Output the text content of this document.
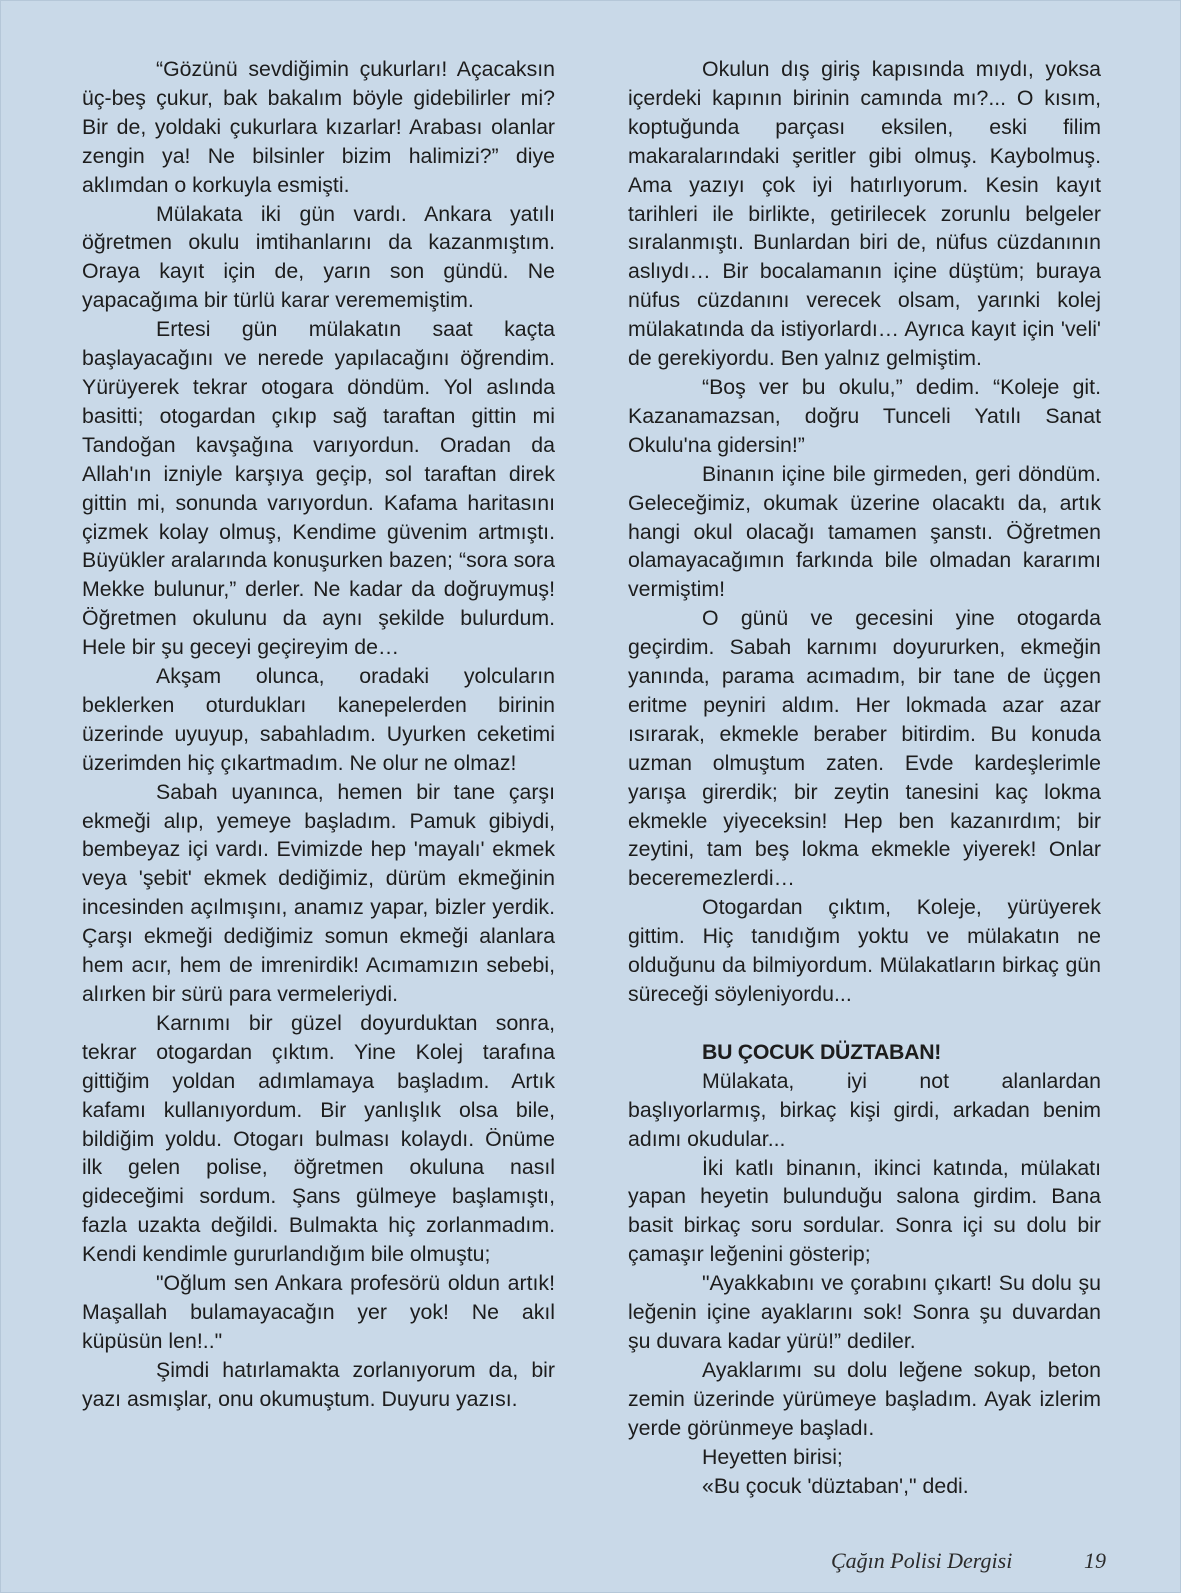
“Gözünü sevdiğimin çukurları! Açacaksın üç-beş çukur, bak bakalım böyle gidebilirler mi? Bir de, yoldaki çukurlara kızarlar! Arabası olanlar zengin ya! Ne bilsinler bizim halimizi?” diye aklımdan o korkuyla esmişti.

Mülakata iki gün vardı. Ankara yatılı öğretmen okulu imtihanlarını da kazanmıştım. Oraya kayıt için de, yarın son gündü. Ne yapacağıma bir türlü karar verememiştim.

Ertesi gün mülakatın saat kaçta başlayacağını ve nerede yapılacağını öğrendim. Yürüyerek tekrar otogara döndüm. Yol aslında basitti; otogardan çıkıp sağ taraftan gittin mi Tandoğan kavşağına varıyordun. Oradan da Allah'ın izniyle karşıya geçip, sol taraftan direk gittin mi, sonunda varıyordun. Kafama haritasını çizmek kolay olmuş, Kendime güvenim artmıştı. Büyükler aralarında konuşurken bazen; “sora sora Mekke bulunur,” derler. Ne kadar da doğruymuş! Öğretmen okulunu da aynı şekilde bulurdum. Hele bir şu geceyi geçireyim de…

Akşam olunca, oradaki yolcuların beklerken oturdukları kanepelerden birinin üzerinde uyuyup, sabahladım. Uyurken ceketimi üzerimden hiç çıkartmadım. Ne olur ne olmaz!

Sabah uyanınca, hemen bir tane çarşı ekmeği alıp, yemeye başladım. Pamuk gibiydi, bembeyaz içi vardı. Evimizde hep 'mayalı' ekmek veya 'şebit' ekmek dediğimiz, dürüm ekmeğinin incesinden açılmışını, anamız yapar, bizler yerdik. Çarşı ekmeği dediğimiz somun ekmeği alanlara hem acır, hem de imrenirdik! Acımamızın sebebi, alırken bir sürü para vermeleriydi.

Karnımı bir güzel doyurduktan sonra, tekrar otogardan çıktım. Yine Kolej tarafına gittiğim yoldan adımlamaya başladım. Artık kafamı kullanıyordum. Bir yanlışlık olsa bile, bildiğim yoldu. Otogarı bulması kolaydı. Önüme ilk gelen polise, öğretmen okuluna nasıl gideceğimi sordum. Şans gülmeye başlamıştı, fazla uzakta değildi. Bulmakta hiç zorlanmadım. Kendi kendimle gururlandığım bile olmuştu;

"Oğlum sen Ankara profesörü oldun artık! Maşallah bulamayacağın yer yok! Ne akıl küpüsün len!.."

Şimdi hatırlamakta zorlanıyorum da, bir yazı asmışlar, onu okumuştum. Duyuru yazısı.

Okulun dış giriş kapısında mıydı, yoksa içerdeki kapının birinin camında mı?... O kısım, koptuğunda parçası eksilen, eski filim makaralarındaki şeritler gibi olmuş. Kaybolmuş. Ama yazıyı çok iyi hatırlıyorum. Kesin kayıt tarihleri ile birlikte, getirilecek zorunlu belgeler sıralanmıştı. Bunlardan biri de, nüfus cüzdanının aslıydı… Bir bocalamanın içine düştüm; buraya nüfus cüzdanını verecek olsam, yarınki kolej mülakatında da istiyorlardı… Ayrıca kayıt için 'veli' de gerekiyordu. Ben yalnız gelmiştim.

“Boş ver bu okulu,” dedim. “Koleje git. Kazanamazsan, doğru Tunceli Yatılı Sanat Okulu'na gidersin!”

Binanın içine bile girmeden, geri döndüm. Geleceğimiz, okumak üzerine olacaktı da, artık hangi okul olacağı tamamen şanstı. Öğretmen olamayacağımın farkında bile olmadan kararımı vermiştim!

O günü ve gecesini yine otogarda geçirdim. Sabah karnımı doyururken, ekmeğin yanında, parama acımadım, bir tane de üçgen eritme peyniri aldım. Her lokmada azar azar ısırarak, ekmekle beraber bitirdim. Bu konuda uzman olmuştum zaten. Evde kardeşlerimle yarışa girerdik; bir zeytin tanesini kaç lokma ekmekle yiyeceksin! Hep ben kazanırdım; bir zeytini, tam beş lokma ekmekle yiyerek! Onlar beceremezlerdi…

Otogardan çıktım, Koleje, yürüyerek gittim. Hiç tanıdığım yoktu ve mülakatın ne olduğunu da bilmiyordum. Mülakatların birkaç gün süreceği söyleniyordu...

BU ÇOCUK DÜZTABAN!

Mülakata, iyi not alanlardan başlıyorlarmış, birkaç kişi girdi, arkadan benim adımı okudular...

İki katlı binanın, ikinci katında, mülakatı yapan heyetin bulunduğu salona girdim. Bana basit birkaç soru sordular. Sonra içi su dolu bir çamaşır leğenini gösterip;

"Ayakkabını ve çorabını çıkart! Su dolu şu leğenin içine ayaklarını sok! Sonra şu duvardan şu duvara kadar yürü!” dediler.

Ayaklarımı su dolu leğene sokup, beton zemin üzerinde yürümeye başladım. Ayak izlerim yerde görünmeye başladı.

Heyetten birisi;

«Bu çocuk 'düztaban'," dedi.

Çağın Polisi Dergisi	19
